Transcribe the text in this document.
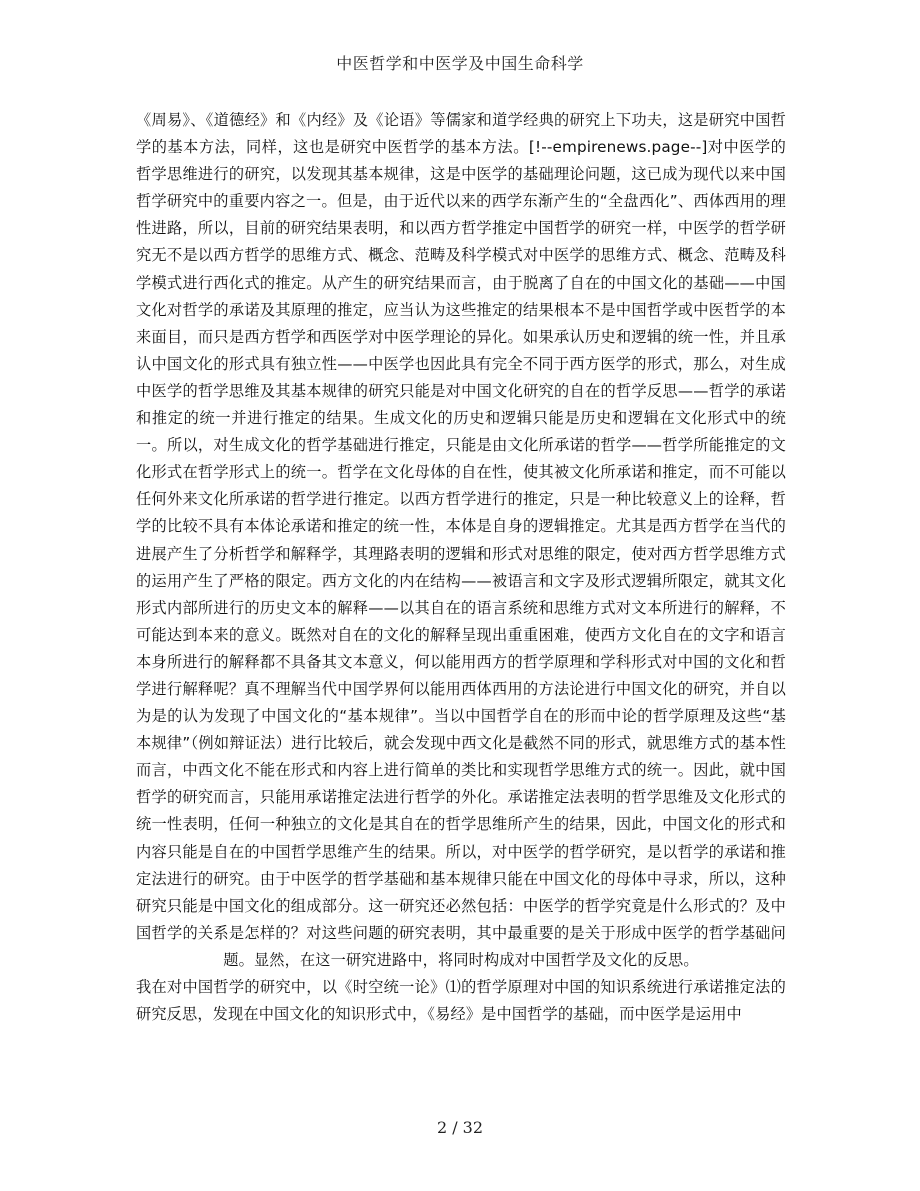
中医哲学和中医学及中国生命科学

《周易》、《道德经》和《内经》及《论语》等儒家和道学经典的研究上下功夫，这是研究中国哲学的基本方法，同样，这也是研究中医哲学的基本方法。[!--empirenews.page--]对中医学的哲学思维进行的研究，以发现其基本规律，这是中医学的基础理论问题，这已成为现代以来中国哲学研究中的重要内容之一。但是，由于近代以来的西学东渐产生的“全盘西化”、西体西用的理性进路，所以，目前的研究结果表明，和以西方哲学推定中国哲学的研究一样，中医学的哲学研究无不是以西方哲学的思维方式、概念、范畴及科学模式对中医学的思维方式、概念、范畴及科学模式进行西化式的推定。从产生的研究结果而言，由于脱离了自在的中国文化的基础——中国文化对哲学的承诺及其原理的推定，应当认为这些推定的结果根本不是中国哲学或中医哲学的本来面目，而只是西方哲学和西医学对中医学理论的异化。如果承认历史和逻辑的统一性，并且承认中国文化的形式具有独立性——中医学也因此具有完全不同于西方医学的形式，那么，对生成中医学的哲学思维及其基本规律的研究只能是对中国文化研究的自在的哲学反思——哲学的承诺和推定的统一并进行推定的结果。生成文化的历史和逻辑只能是历史和逻辑在文化形式中的统一。所以，对生成文化的哲学基础进行推定，只能是由文化所承诺的哲学——哲学所能推定的文化形式在哲学形式上的统一。哲学在文化母体的自在性，使其被文化所承诺和推定，而不可能以任何外来文化所承诺的哲学进行推定。以西方哲学进行的推定，只是一种比较意义上的诠释，哲学的比较不具有本体论承诺和推定的统一性，本体是自身的逻辑推定。尤其是西方哲学在当代的进展产生了分析哲学和解释学，其理路表明的逻辑和形式对思维的限定，使对西方哲学思维方式的运用产生了严格的限定。西方文化的内在结构——被语言和文字及形式逻辑所限定，就其文化形式内部所进行的历史文本的解释——以其自在的语言系统和思维方式对文本所进行的解释，不可能达到本来的意义。既然对自在的文化的解释呈现出重重困难，使西方文化自在的文字和语言本身所进行的解释都不具备其文本意义，何以能用西方的哲学原理和学科形式对中国的文化和哲学进行解释呢？真不理解当代中国学界何以能用西体西用的方法论进行中国文化的研究，并自以为是的认为发现了中国文化的“基本规律”。当以中国哲学自在的形而中论的哲学原理及这些“基本规律”（例如辩证法）进行比较后，就会发现中西文化是截然不同的形式，就思维方式的基本性而言，中西文化不能在形式和内容上进行简单的类比和实现哲学思维方式的统一。因此，就中国哲学的研究而言，只能用承诺推定法进行哲学的外化。承诺推定法表明的哲学思维及文化形式的统一性表明，任何一种独立的文化是其自在的哲学思维所产生的结果，因此，中国文化的形式和内容只能是自在的中国哲学思维产生的结果。所以，对中医学的哲学研究，是以哲学的承诺和推定法进行的研究。由于中医学的哲学基础和基本规律只能在中国文化的母体中寻求，所以，这种研究只能是中国文化的组成部分。这一研究还必然包括：中医学的哲学究竟是什么形式的？及中国哲学的关系是怎样的？对这些问题的研究表明，其中最重要的是关于形成中医学的哲学基础问题。显然，在这一研究进路中，将同时构成对中国哲学及文化的反思。

我在对中国哲学的研究中，以《时空统一论》⑴的哲学原理对中国的知识系统进行承诺推定法的研究反思，发现在中国文化的知识形式中，《易经》是中国哲学的基础，而中医学是运用中

2 / 32
